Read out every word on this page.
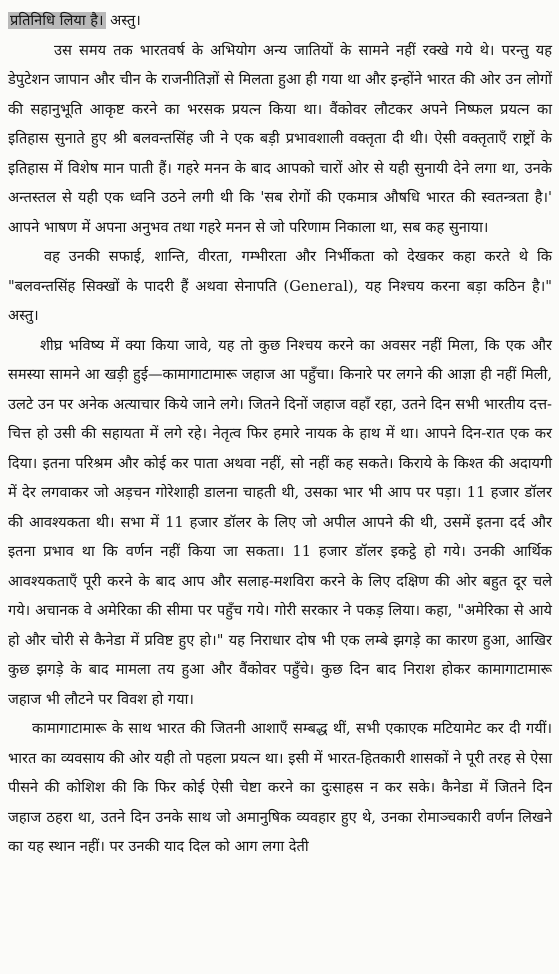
प्रतिनिधि लिया है। अस्तु।

उस समय तक भारतवर्ष के अभियोग अन्य जातियों के सामने नहीं रक्खे गये थे। परन्तु यह डेपुटेशन जापान और चीन के राजनीतिज्ञों से मिलता हुआ ही गया था और इन्होंने भारत की ओर उन लोगों की सहानुभूति आकृष्ट करने का भरसक प्रयत्न किया था। वैंकोवर लौटकर अपने निष्फल प्रयत्न का इतिहास सुनाते हुए श्री बलवन्तसिंह जी ने एक बड़ी प्रभावशाली वक्तृता दी थी। ऐसी वक्तृताएँ राष्ट्रों के इतिहास में विशेष मान पाती हैं। गहरे मनन के बाद आपको चारों ओर से यही सुनायी देने लगा था, उनके अन्तस्तल से यही एक ध्वनि उठने लगी थी कि 'सब रोगों की एकमात्र औषधि भारत की स्वतन्त्रता है।' आपने भाषण में अपना अनुभव तथा गहरे मनन से जो परिणाम निकाला था, सब कह सुनाया।

वह उनकी सफाई, शान्ति, वीरता, गम्भीरता और निर्भीकता को देखकर कहा करते थे कि "बलवन्तसिंह सिक्खों के पादरी हैं अथवा सेनापति (General), यह निश्चय करना बड़ा कठिन है।" अस्तु।

शीघ्र भविष्य में क्या किया जावे, यह तो कुछ निश्चय करने का अवसर नहीं मिला, कि एक और समस्या सामने आ खड़ी हुई—कामागाटामारू जहाज आ पहुँचा। किनारे पर लगने की आज्ञा ही नहीं मिली, उलटे उन पर अनेक अत्याचार किये जाने लगे। जितने दिनों जहाज वहाँ रहा, उतने दिन सभी भारतीय दत्त-चित्त हो उसी की सहायता में लगे रहे। नेतृत्व फिर हमारे नायक के हाथ में था। आपने दिन-रात एक कर दिया। इतना परिश्रम और कोई कर पाता अथवा नहीं, सो नहीं कह सकते। किराये के किश्त की अदायगी में देर लगवाकर जो अड़चन गोरेशाही डालना चाहती थी, उसका भार भी आप पर पड़ा। 11 हजार डॉलर की आवश्यकता थी। सभा में 11 हजार डॉलर के लिए जो अपील आपने की थी, उसमें इतना दर्द और इतना प्रभाव था कि वर्णन नहीं किया जा सकता। 11 हजार डॉलर इकट्ठे हो गये। उनकी आर्थिक आवश्यकताएँ पूरी करने के बाद आप और सलाह-मशविरा करने के लिए दक्षिण की ओर बहुत दूर चले गये। अचानक वे अमेरिका की सीमा पर पहुँच गये। गोरी सरकार ने पकड़ लिया। कहा, "अमेरिका से आये हो और चोरी से कैनेडा में प्रविष्ट हुए हो।" यह निराधार दोष भी एक लम्बे झगड़े का कारण हुआ, आखिर कुछ झगड़े के बाद मामला तय हुआ और वैंकोवर पहुँचे। कुछ दिन बाद निराश होकर कामागाटामारू जहाज भी लौटने पर विवश हो गया।

कामागाटामारू के साथ भारत की जितनी आशाएँ सम्बद्ध थीं, सभी एकाएक मटियामेट कर दी गयीं। भारत का व्यवसाय की ओर यही तो पहला प्रयत्न था। इसी में भारत-हितकारी शासकों ने पूरी तरह से ऐसा पीसने की कोशिश की कि फिर कोई ऐसी चेष्टा करने का दुःसाहस न कर सके। कैनेडा में जितने दिन जहाज ठहरा था, उतने दिन उनके साथ जो अमानुषिक व्यवहार हुए थे, उनका रोमाञ्चकारी वर्णन लिखने का यह स्थान नहीं। पर उनकी याद दिल को आग लगा देती
